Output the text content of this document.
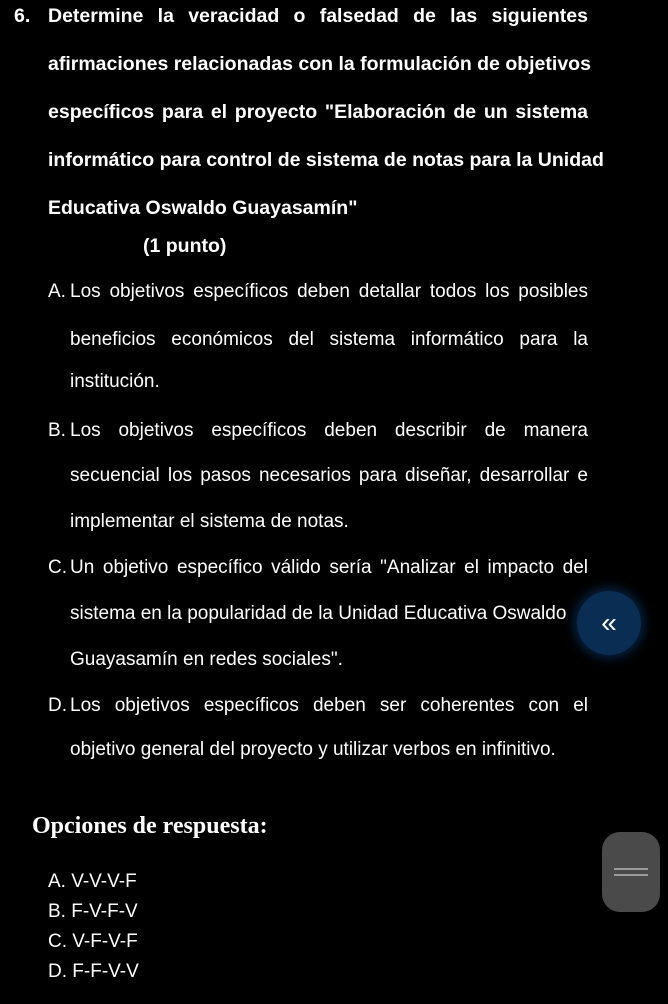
6. Determine la veracidad o falsedad de las siguientes
afirmaciones relacionadas con la formulación de objetivos
específicos para el proyecto "Elaboración de un sistema
informático para control de sistema de notas para la Unidad
Educativa Oswaldo Guayasamín"
(1 punto)
A. Los objetivos específicos deben detallar todos los posibles
beneficios económicos del sistema informático para la
institución.
B. Los objetivos específicos deben describir de manera
secuencial los pasos necesarios para diseñar, desarrollar e
implementar el sistema de notas.
C. Un objetivo específico válido sería "Analizar el impacto del
sistema en la popularidad de la Unidad Educativa Oswaldo
Guayasamín en redes sociales".
D. Los objetivos específicos deben ser coherentes con el
objetivo general del proyecto y utilizar verbos en infinitivo.
Opciones de respuesta:
A. V-V-V-F
B. F-V-F-V
C. V-F-V-F
D. F-F-V-V
«
